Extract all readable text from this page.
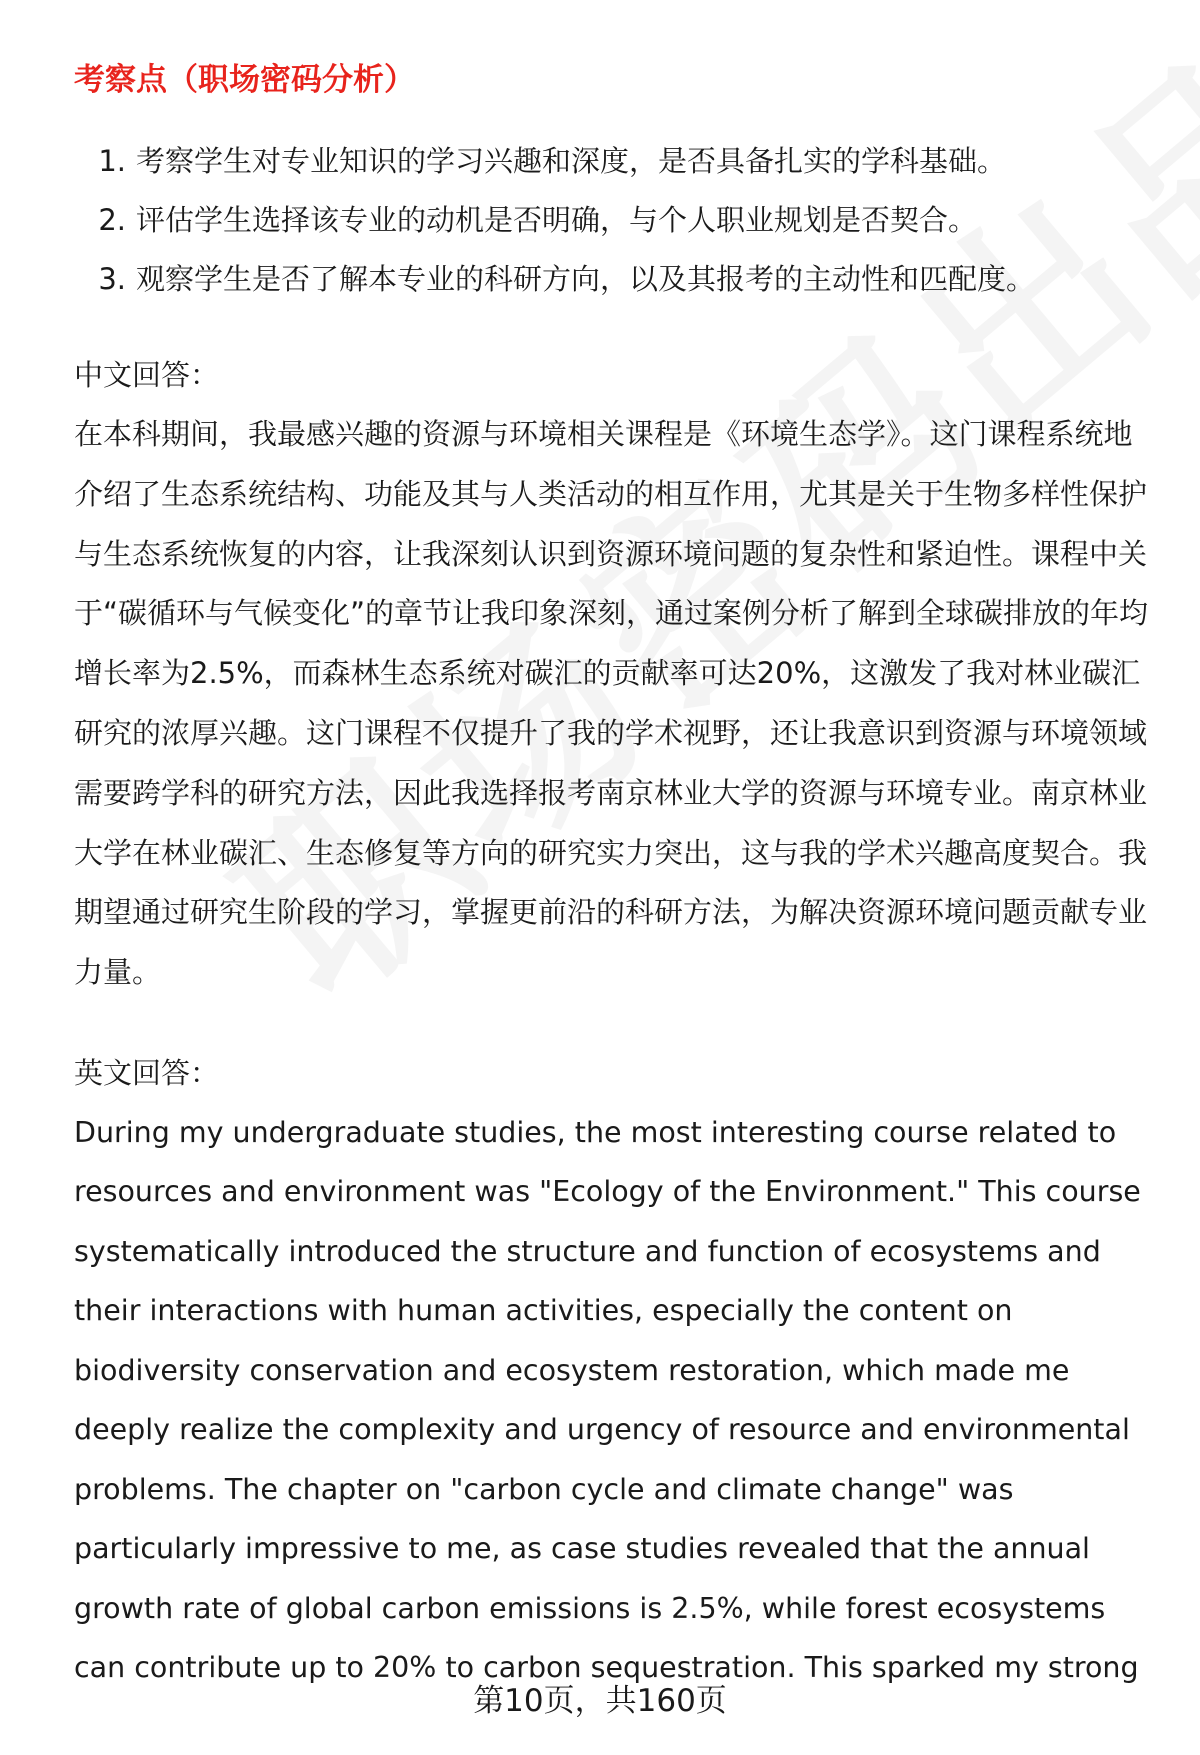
考察点（职场密码分析）
1. 考察学生对专业知识的学习兴趣和深度，是否具备扎实的学科基础。
2. 评估学生选择该专业的动机是否明确，与个人职业规划是否契合。
3. 观察学生是否了解本专业的科研方向，以及其报考的主动性和匹配度。
中文回答：

在本科期间，我最感兴趣的资源与环境相关课程是《环境生态学》。这门课程系统地介绍了生态系统结构、功能及其与人类活动的相互作用，尤其是关于生物多样性保护与生态系统恢复的内容，让我深刻认识到资源环境问题的复杂性和紧迫性。课程中关于“碳循环与气候变化”的章节让我印象深刻，通过案例分析了解到全球碳排放的年均增长率为2.5%，而森林生态系统对碳汇的贡献率可达20%，这激发了我对林业碳汇研究的浓厚兴趣。这门课程不仅提升了我的学术视野，还让我意识到资源与环境领域需要跨学科的研究方法，因此我选择报考南京林业大学的资源与环境专业。南京林业大学在林业碳汇、生态修复等方向的研究实力突出，这与我的学术兴趣高度契合。我期望通过研究生阶段的学习，掌握更前沿的科研方法，为解决资源环境问题贡献专业力量。

英文回答：

During my undergraduate studies, the most interesting course related to resources and environment was "Ecology of the Environment." This course systematically introduced the structure and function of ecosystems and their interactions with human activities, especially the content on biodiversity conservation and ecosystem restoration, which made me deeply realize the complexity and urgency of resource and environmental problems. The chapter on "carbon cycle and climate change" was particularly impressive to me, as case studies revealed that the annual growth rate of global carbon emissions is 2.5%, while forest ecosystems can contribute up to 20% to carbon sequestration. This sparked my strong

第10页，共160页
